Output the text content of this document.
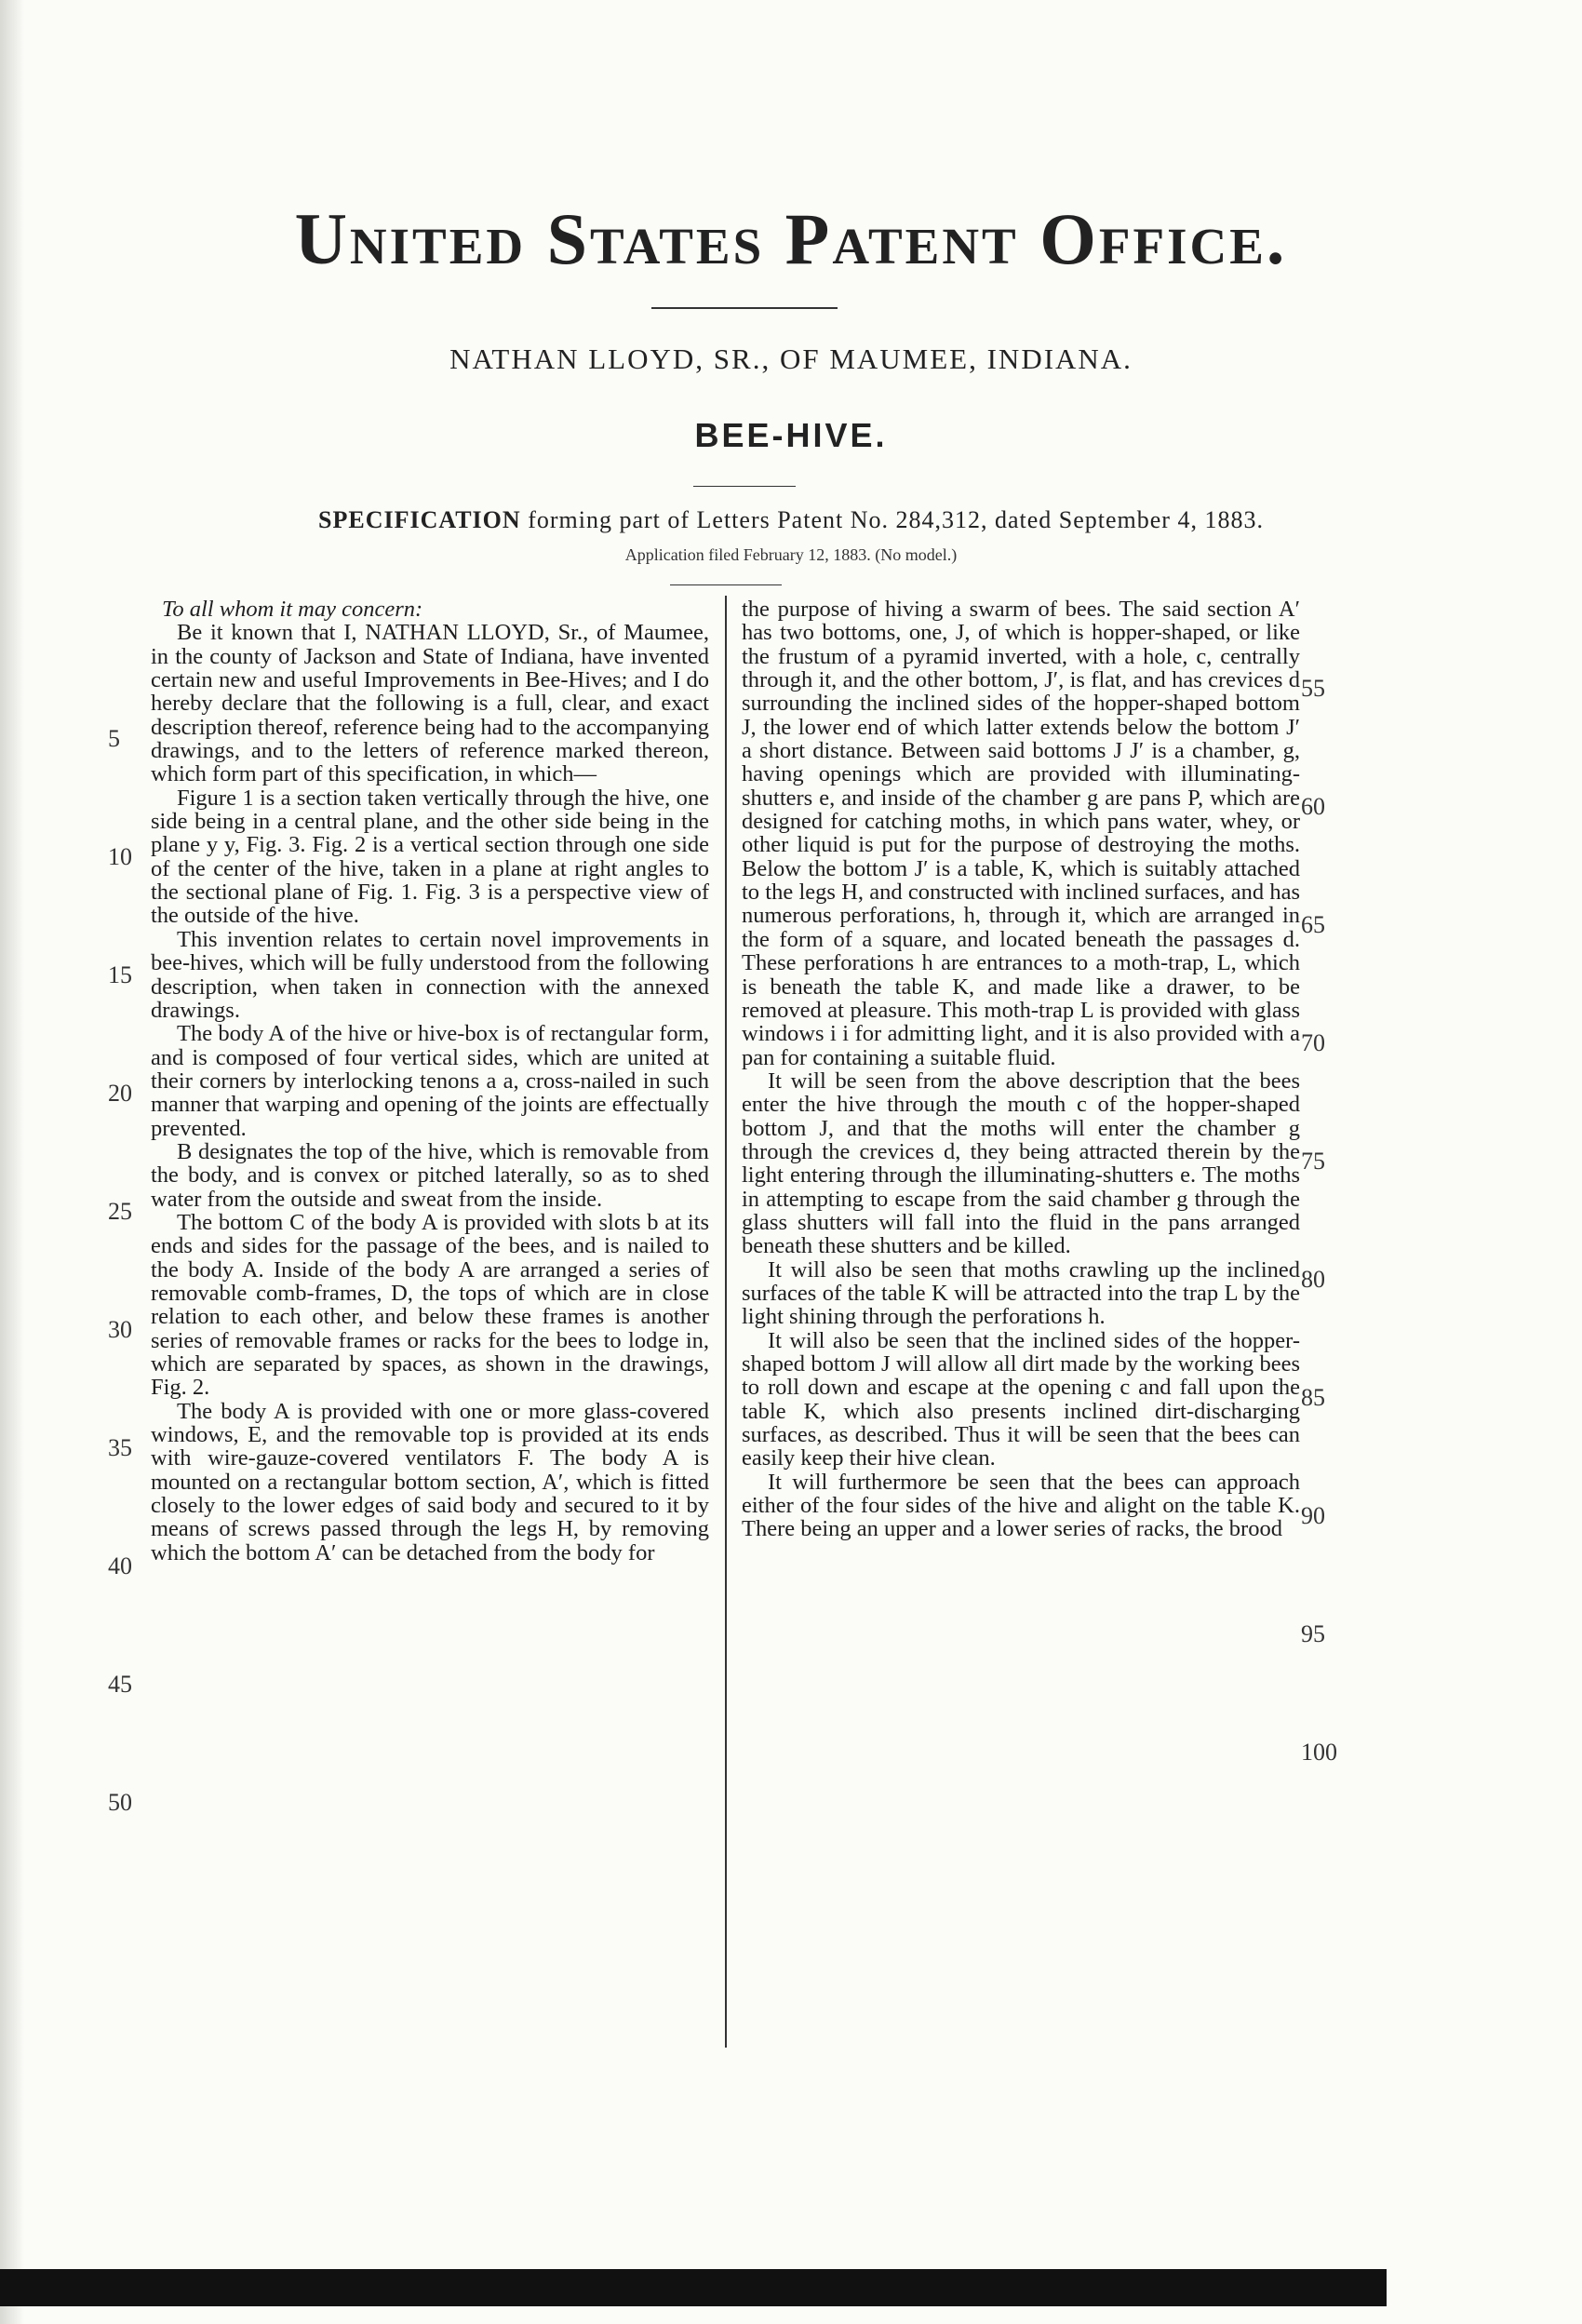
United States Patent Office.
NATHAN LLOYD, SR., OF MAUMEE, INDIANA.
BEE-HIVE.
SPECIFICATION forming part of Letters Patent No. 284,312, dated September 4, 1883.
Application filed February 12, 1883. (No model.)

To all whom it may concern:

Be it known that I, NATHAN LLOYD, Sr., of Maumee, in the county of Jackson and State of Indiana, have invented certain new and useful Improvements in Bee-Hives; and I do hereby declare that the following is a full, clear, and exact description thereof, reference being had to the accompanying drawings, and to the letters of reference marked thereon, which form part of this specification, in which—

Figure 1 is a section taken vertically through the hive, one side being in a central plane, and the other side being in the plane y y, Fig. 3. Fig. 2 is a vertical section through one side of the center of the hive, taken in a plane at right angles to the sectional plane of Fig. 1. Fig. 3 is a perspective view of the outside of the hive.

This invention relates to certain novel improvements in bee-hives, which will be fully understood from the following description, when taken in connection with the annexed drawings.

The body A of the hive or hive-box is of rectangular form, and is composed of four vertical sides, which are united at their corners by interlocking tenons a a, cross-nailed in such manner that warping and opening of the joints are effectually prevented.

B designates the top of the hive, which is removable from the body, and is convex or pitched laterally, so as to shed water from the outside and sweat from the inside.

The bottom C of the body A is provided with slots b at its ends and sides for the passage of the bees, and is nailed to the body A. Inside of the body A are arranged a series of removable comb-frames, D, the tops of which are in close relation to each other, and below these frames is another series of removable frames or racks for the bees to lodge in, which are separated by spaces, as shown in the drawings, Fig. 2.

The body A is provided with one or more glass-covered windows, E, and the removable top is provided at its ends with wire-gauze-covered ventilators F. The body A is mounted on a rectangular bottom section, A′, which is fitted closely to the lower edges of said body and secured to it by means of screws passed through the legs H, by removing which the bottom A′ can be detached from the body for

the purpose of hiving a swarm of bees. The said section A′ has two bottoms, one, J, of which is hopper-shaped, or like the frustum of a pyramid inverted, with a hole, c, centrally through it, and the other bottom, J′, is flat, and has crevices d surrounding the inclined sides of the hopper-shaped bottom J, the lower end of which latter extends below the bottom J′ a short distance. Between said bottoms J J′ is a chamber, g, having openings which are provided with illuminating-shutters e, and inside of the chamber g are pans P, which are designed for catching moths, in which pans water, whey, or other liquid is put for the purpose of destroying the moths. Below the bottom J′ is a table, K, which is suitably attached to the legs H, and constructed with inclined surfaces, and has numerous perforations, h, through it, which are arranged in the form of a square, and located beneath the passages d. These perforations h are entrances to a moth-trap, L, which is beneath the table K, and made like a drawer, to be removed at pleasure. This moth-trap L is provided with glass windows i i for admitting light, and it is also provided with a pan for containing a suitable fluid.

It will be seen from the above description that the bees enter the hive through the mouth c of the hopper-shaped bottom J, and that the moths will enter the chamber g through the crevices d, they being attracted therein by the light entering through the illuminating-shutters e. The moths in attempting to escape from the said chamber g through the glass shutters will fall into the fluid in the pans arranged beneath these shutters and be killed.

It will also be seen that moths crawling up the inclined surfaces of the table K will be attracted into the trap L by the light shining through the perforations h.

It will also be seen that the inclined sides of the hopper-shaped bottom J will allow all dirt made by the working bees to roll down and escape at the opening c and fall upon the table K, which also presents inclined dirt-discharging surfaces, as described. Thus it will be seen that the bees can easily keep their hive clean.

It will furthermore be seen that the bees can approach either of the four sides of the hive and alight on the table K. There being an upper and a lower series of racks, the brood

5
10
15
20
25
30
35
40
45
50
55
60
65
70
75
80
85
90
95
100
